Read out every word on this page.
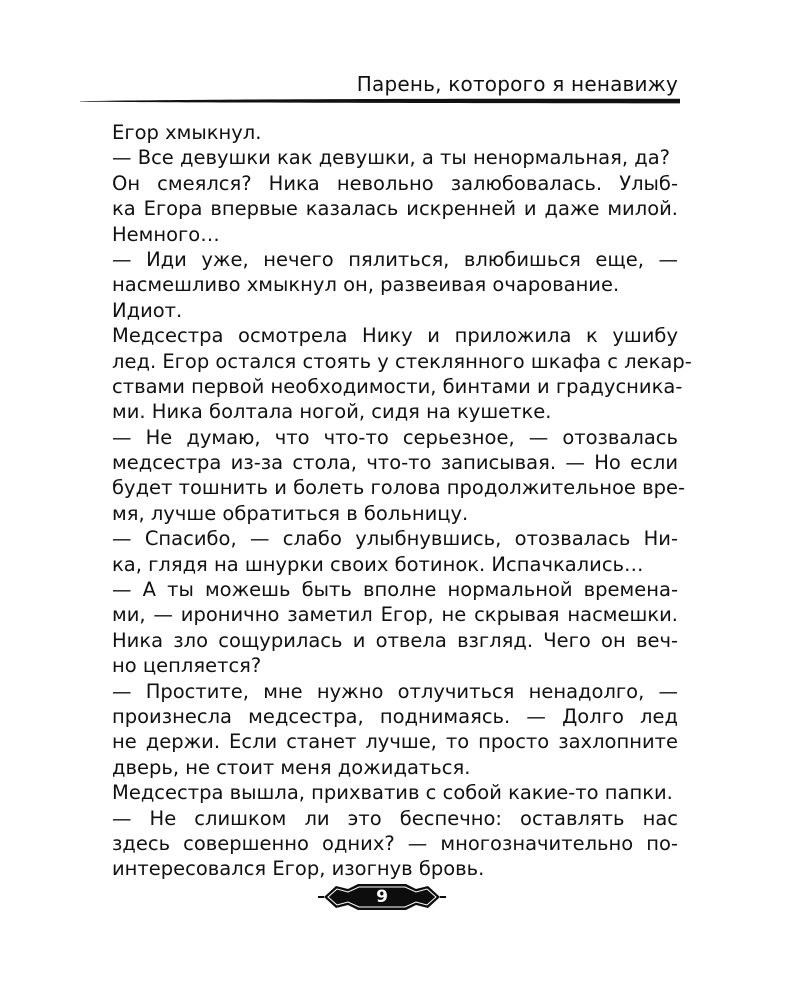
Парень, которого я ненавижу
Егор хмыкнул.
— Все девушки как девушки, а ты ненормальная, да?
Он смеялся? Ника невольно залюбовалась. Улыб-
ка Егора впервые казалась искренней и даже милой.
Немного…
— Иди уже, нечего пялиться, влюбишься еще, —
насмешливо хмыкнул он, развеивая очарование.
Идиот.
Медсестра осмотрела Нику и приложила к ушибу
лед. Егор остался стоять у стеклянного шкафа с лекар-
ствами первой необходимости, бинтами и градусника-
ми. Ника болтала ногой, сидя на кушетке.
— Не думаю, что что-то серьезное, — отозвалась
медсестра из-за стола, что-то записывая. — Но если
будет тошнить и болеть голова продолжительное вре-
мя, лучше обратиться в больницу.
— Спасибо, — слабо улыбнувшись, отозвалась Ни-
ка, глядя на шнурки своих ботинок. Испачкались…
— А ты можешь быть вполне нормальной времена-
ми, — иронично заметил Егор, не скрывая насмешки.
Ника зло сощурилась и отвела взгляд. Чего он веч-
но цепляется?
— Простите, мне нужно отлучиться ненадолго, —
произнесла медсестра, поднимаясь. — Долго лед
не держи. Если станет лучше, то просто захлопните
дверь, не стоит меня дожидаться.
Медсестра вышла, прихватив с собой какие-то папки.
— Не слишком ли это беспечно: оставлять нас
здесь совершенно одних? — многозначительно по-
интересовался Егор, изогнув бровь.
9
